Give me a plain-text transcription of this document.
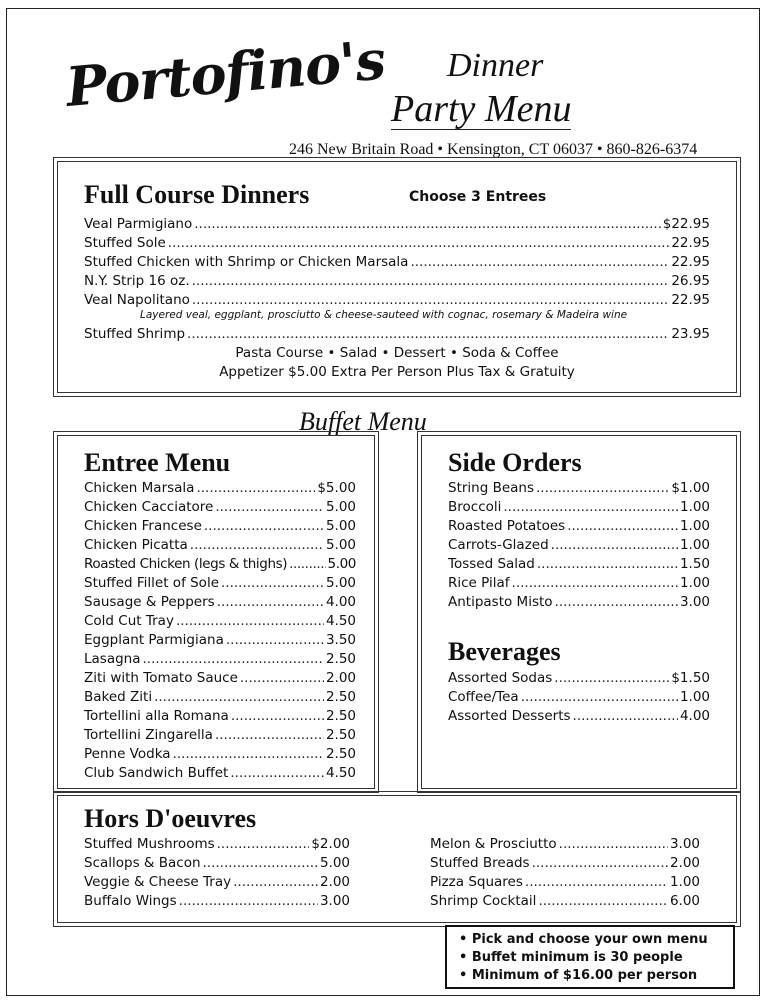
Portofino's Dinner
Party Menu
246 New Britain Road • Kensington, CT 06037 • 860-826-6374
Full Course Dinners	Choose 3 Entrees
Veal Parmigiano .....	$22.95
Stuffed Sole .....	22.95
Stuffed Chicken with Shrimp or Chicken Marsala .....	22.95
N.Y. Strip 16 oz. .....	26.95
Veal Napolitano .....	22.95
Layered veal, eggplant, prosciutto & cheese-sauteed with cognac, rosemary & Madeira wine
Stuffed Shrimp .....	23.95
Pasta Course • Salad • Dessert • Soda & Coffee
Appetizer $5.00 Extra Per Person Plus Tax & Gratuity
Buffet Menu
Entree Menu
Chicken Marsala .....	$5.00
Chicken Cacciatore .....	5.00
Chicken Francese .....	5.00
Chicken Picatta .....	5.00
Roasted Chicken (legs & thighs) .....	5.00
Stuffed Fillet of Sole .....	5.00
Sausage & Peppers .....	4.00
Cold Cut Tray .....	4.50
Eggplant Parmigiana .....	3.50
Lasagna .....	2.50
Ziti with Tomato Sauce .....	2.00
Baked Ziti .....	2.50
Tortellini alla Romana .....	2.50
Tortellini Zingarella .....	2.50
Penne Vodka .....	2.50
Club Sandwich Buffet .....	4.50
Side Orders
String Beans .....	$1.00
Broccoli .....	1.00
Roasted Potatoes .....	1.00
Carrots-Glazed .....	1.00
Tossed Salad .....	1.50
Rice Pilaf .....	1.00
Antipasto Misto .....	3.00
Beverages
Assorted Sodas .....	$1.50
Coffee/Tea .....	1.00
Assorted Desserts .....	4.00
Hors D'oeuvres
Stuffed Mushrooms .....	$2.00
Scallops & Bacon .....	5.00
Veggie & Cheese Tray .....	2.00
Buffalo Wings .....	3.00
Melon & Prosciutto .....	3.00
Stuffed Breads .....	2.00
Pizza Squares .....	1.00
Shrimp Cocktail .....	6.00
• Pick and choose your own menu
• Buffet minimum is 30 people
• Minimum of $16.00 per person
